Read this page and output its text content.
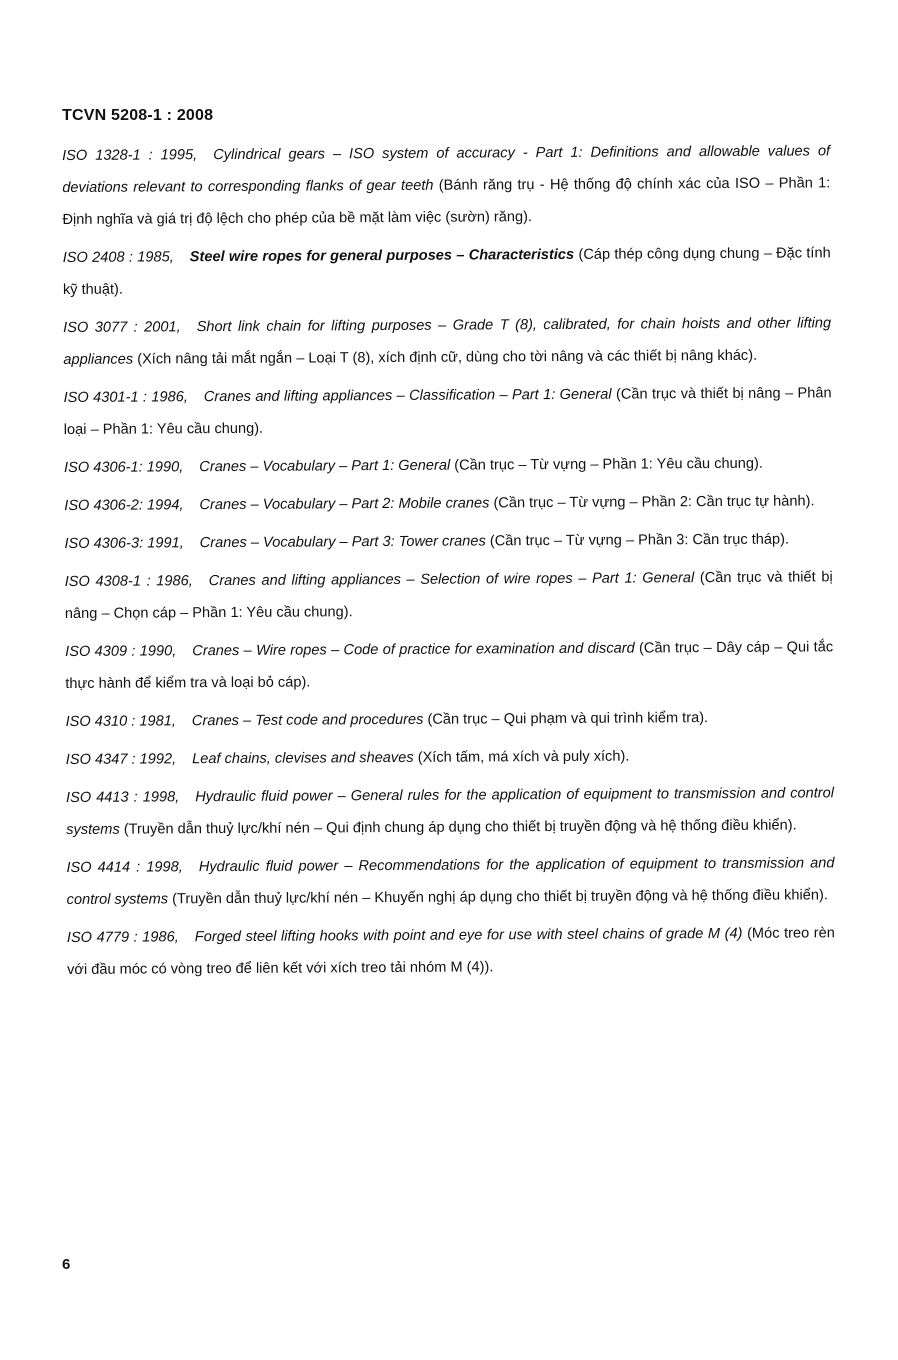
TCVN 5208-1 : 2008

ISO 1328-1 : 1995, Cylindrical gears – ISO system of accuracy - Part 1: Definitions and allowable values of deviations relevant to corresponding flanks of gear teeth (Bánh răng trụ - Hệ thống độ chính xác của ISO – Phần 1: Định nghĩa và giá trị độ lệch cho phép của bề mặt làm việc (sườn) răng).

ISO 2408 : 1985, Steel wire ropes for general purposes – Characteristics (Cáp thép công dụng chung – Đặc tính kỹ thuật).

ISO 3077 : 2001, Short link chain for lifting purposes – Grade T (8), calibrated, for chain hoists and other lifting appliances (Xích nâng tải mắt ngắn – Loại T (8), xích định cữ, dùng cho tời nâng và các thiết bị nâng khác).

ISO 4301-1 : 1986, Cranes and lifting appliances – Classification – Part 1: General (Cần trục và thiết bị nâng – Phân loại – Phần 1: Yêu cầu chung).

ISO 4306-1: 1990, Cranes – Vocabulary – Part 1: General (Cần trục – Từ vựng – Phần 1: Yêu cầu chung).

ISO 4306-2: 1994, Cranes – Vocabulary – Part 2: Mobile cranes (Cần trục – Từ vựng – Phần 2: Cần trục tự hành).

ISO 4306-3: 1991, Cranes – Vocabulary – Part 3: Tower cranes (Cần trục – Từ vựng – Phần 3: Cần trục tháp).

ISO 4308-1 : 1986, Cranes and lifting appliances – Selection of wire ropes – Part 1: General (Cần trục và thiết bị nâng – Chọn cáp – Phần 1: Yêu cầu chung).

ISO 4309 : 1990, Cranes – Wire ropes – Code of practice for examination and discard (Cần trục – Dây cáp – Qui tắc thực hành để kiểm tra và loại bỏ cáp).

ISO 4310 : 1981, Cranes – Test code and procedures (Cần trục – Qui phạm và qui trình kiểm tra).

ISO 4347 : 1992, Leaf chains, clevises and sheaves (Xích tấm, má xích và puly xích).

ISO 4413 : 1998, Hydraulic fluid power – General rules for the application of equipment to transmission and control systems (Truyền dẫn thuỷ lực/khí nén – Qui định chung áp dụng cho thiết bị truyền động và hệ thống điều khiển).

ISO 4414 : 1998, Hydraulic fluid power – Recommendations for the application of equipment to transmission and control systems (Truyền dẫn thuỷ lực/khí nén – Khuyến nghị áp dụng cho thiết bị truyền động và hệ thống điều khiển).

ISO 4779 : 1986, Forged steel lifting hooks with point and eye for use with steel chains of grade M (4) (Móc treo rèn với đầu móc có vòng treo để liên kết với xích treo tải nhóm M (4)).

6
